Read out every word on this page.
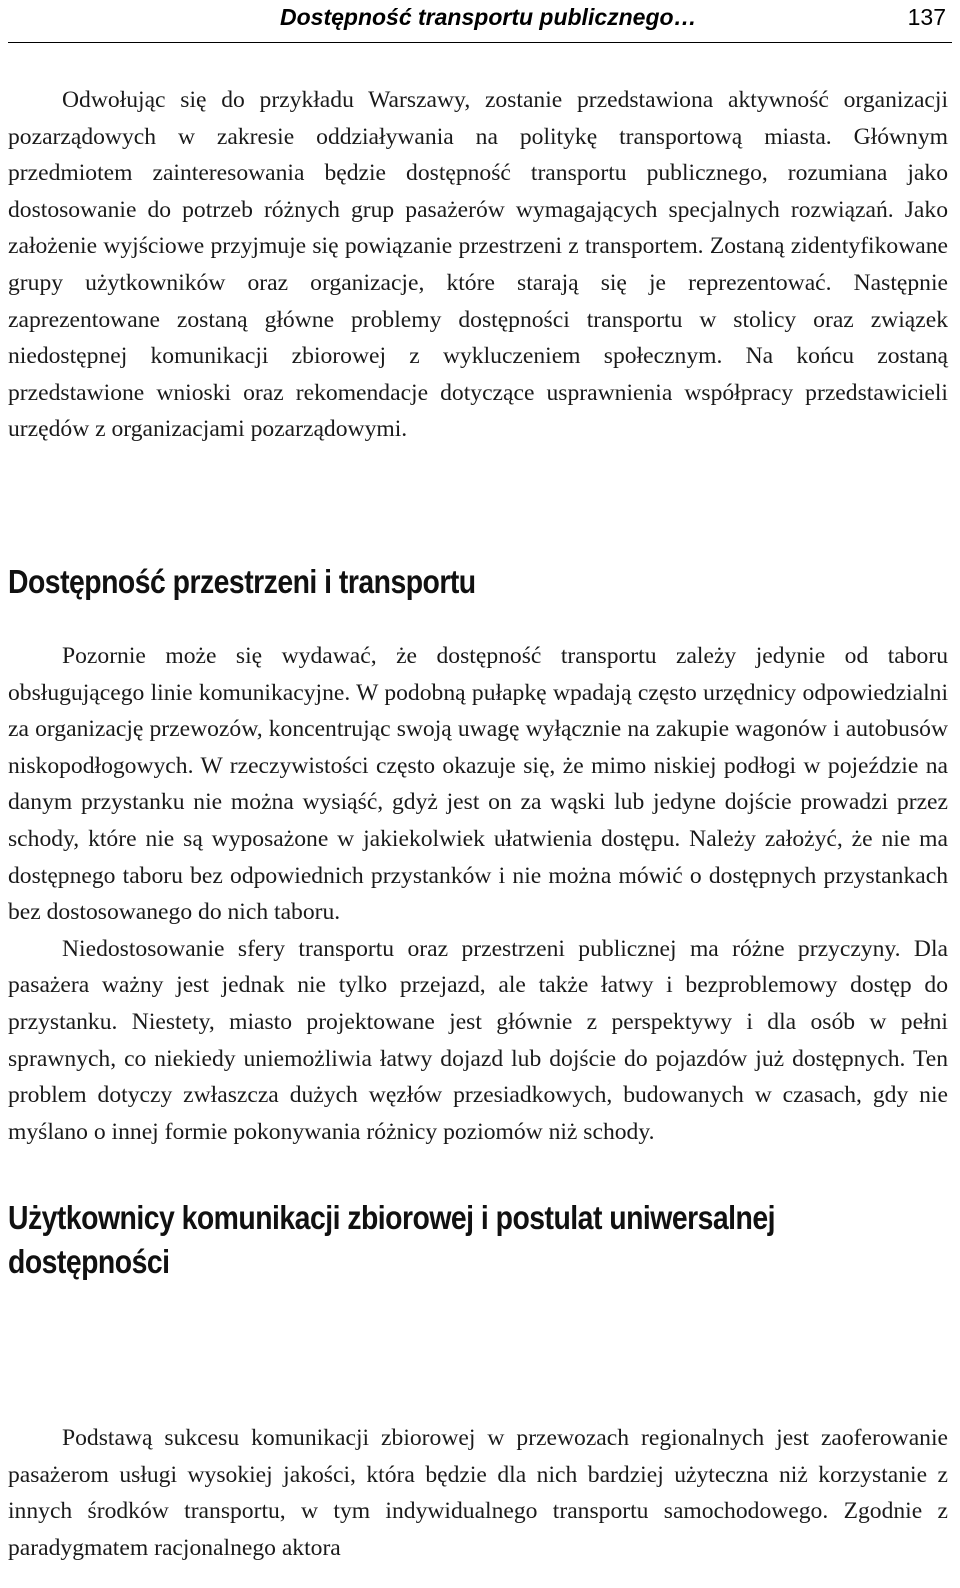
Dostępność transportu publicznego…	137

Odwołując się do przykładu Warszawy, zostanie przedstawiona aktywność organizacji pozarządowych w zakresie oddziaływania na politykę transportową miasta. Głównym przedmiotem zainteresowania będzie dostępność transportu publicznego, rozumiana jako dostosowanie do potrzeb różnych grup pasażerów wymagających specjalnych rozwiązań. Jako założenie wyjściowe przyjmuje się powiązanie przestrzeni z transportem. Zostaną zidentyfikowane grupy użytkowników oraz organizacje, które starają się je reprezentować. Następnie zaprezentowane zostaną główne problemy dostępności transportu w stolicy oraz związek niedostępnej komunikacji zbiorowej z wykluczeniem społecznym. Na końcu zostaną przedstawione wnioski oraz rekomendacje dotyczące usprawnienia współpracy przedstawicieli urzędów z organizacjami pozarządowymi.

Dostępność przestrzeni i transportu

Pozornie może się wydawać, że dostępność transportu zależy jedynie od taboru obsługującego linie komunikacyjne. W podobną pułapkę wpadają często urzędnicy odpowiedzialni za organizację przewozów, koncentrując swoją uwagę wyłącznie na zakupie wagonów i autobusów niskopodłogowych. W rzeczywistości często okazuje się, że mimo niskiej podłogi w pojeździe na danym przystanku nie można wysiąść, gdyż jest on za wąski lub jedyne dojście prowadzi przez schody, które nie są wyposażone w jakiekolwiek ułatwienia dostępu. Należy założyć, że nie ma dostępnego taboru bez odpowiednich przystanków i nie można mówić o dostępnych przystankach bez dostosowanego do nich taboru.

Niedostosowanie sfery transportu oraz przestrzeni publicznej ma różne przyczyny. Dla pasażera ważny jest jednak nie tylko przejazd, ale także łatwy i bezproblemowy dostęp do przystanku. Niestety, miasto projektowane jest głównie z perspektywy i dla osób w pełni sprawnych, co niekiedy uniemożliwia łatwy dojazd lub dojście do pojazdów już dostępnych. Ten problem dotyczy zwłaszcza dużych węzłów przesiadkowych, budowanych w czasach, gdy nie myślano o innej formie pokonywania różnicy poziomów niż schody.

Użytkownicy komunikacji zbiorowej i postulat uniwersalnej dostępności

Podstawą sukcesu komunikacji zbiorowej w przewozach regionalnych jest zaoferowanie pasażerom usługi wysokiej jakości, która będzie dla nich bardziej użyteczna niż korzystanie z innych środków transportu, w tym indywidualnego transportu samochodowego. Zgodnie z paradygmatem racjonalnego aktora
